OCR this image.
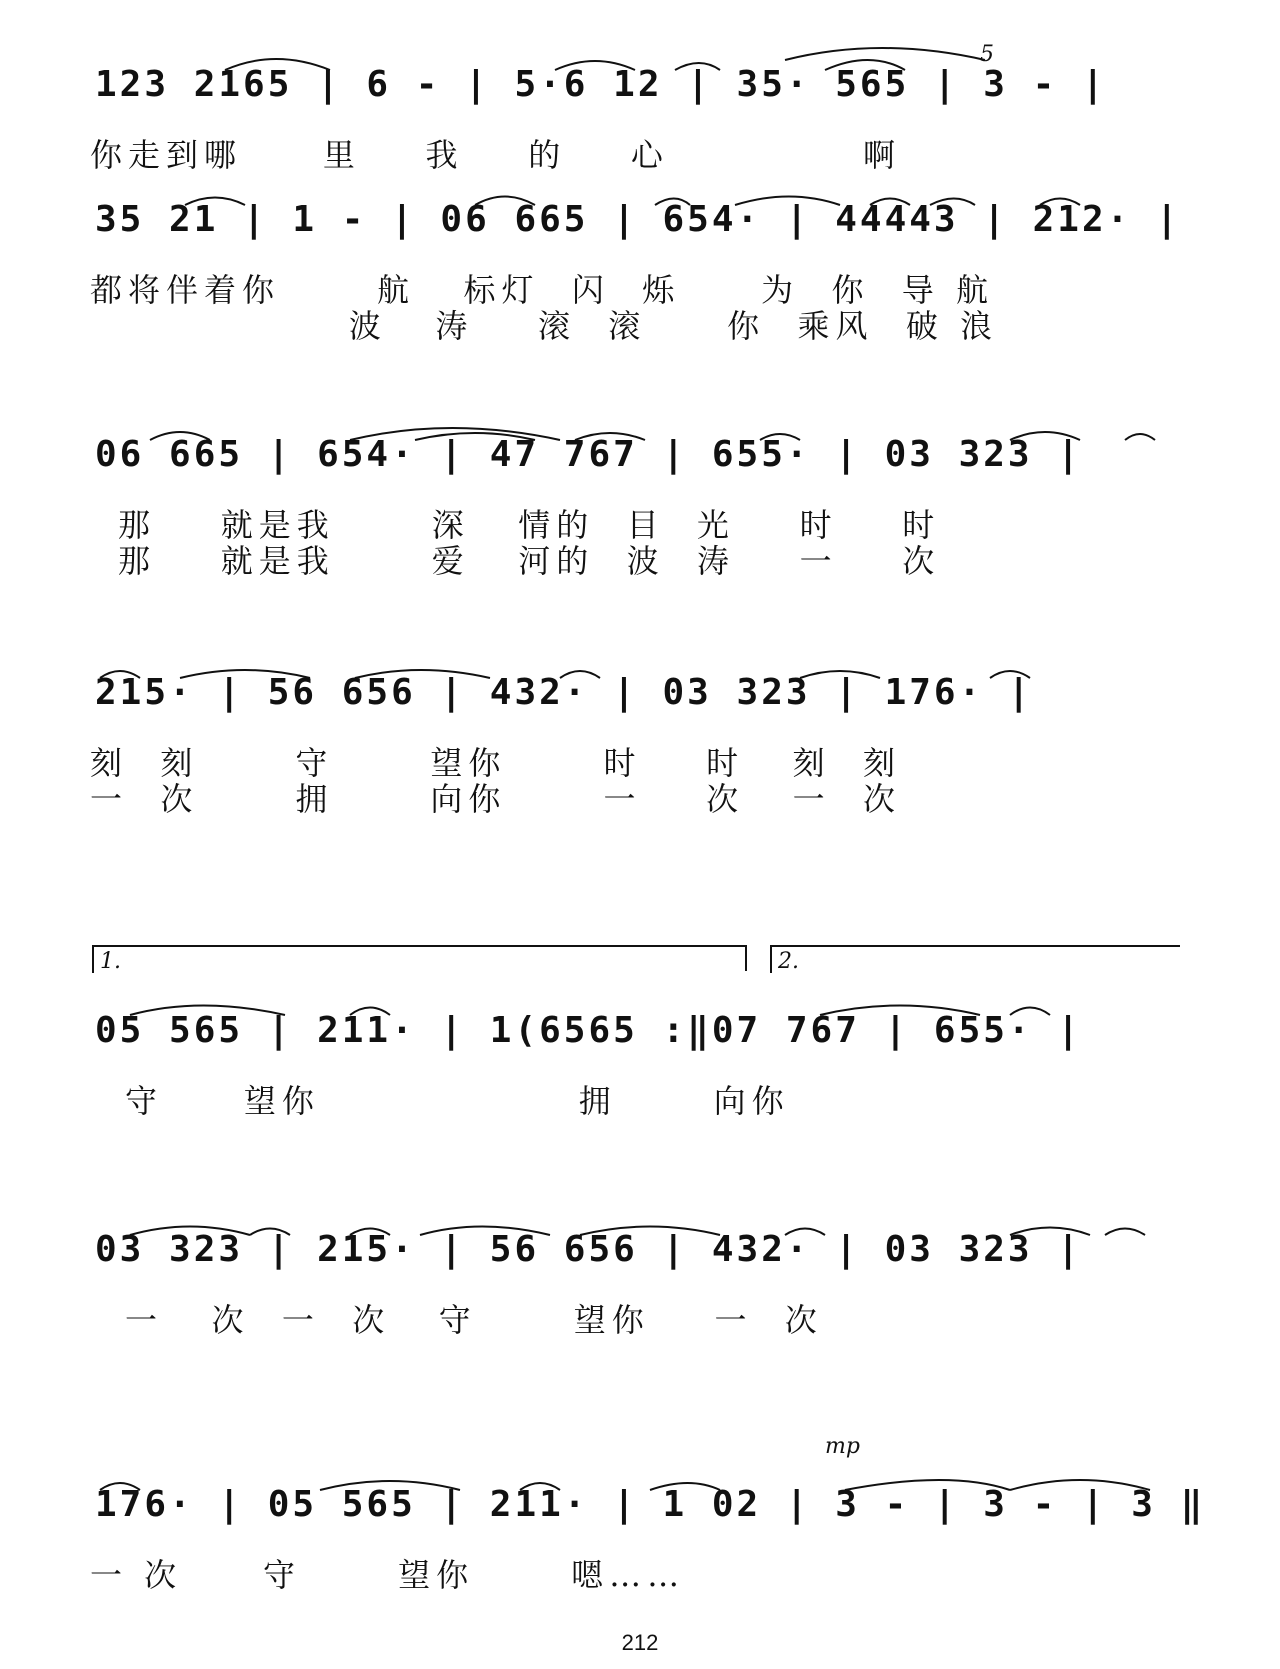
5
123 2165 | 6 - | 5·6 12 | 35· 565 | 3 - |
你走到哪     里    我    的    心            啊
35 21 | 1 - | 06 665 | 654· | 44443 | 212· |
都将伴着你      航   标灯  闪  烁     为  你  导 航
波   涛    滚  滚     你  乘风  破 浪
06 665 | 654· | 47 767 | 655· | 03 323 |
那    就是我      深   情的  目  光    时    时
那    就是我      爱   河的  波  涛    一    次
215· | 56 656 | 432· | 03 323 | 176· |
刻  刻      守      望你      时    时   刻  刻
一  次      拥      向你      一    次   一  次
1.	2.
05 565 | 211· | 1(6565 :‖07 767 | 655· |
守     望你                拥      向你
03 323 | 215· | 56 656 | 432· | 03 323 |
一   次  一  次   守      望你    一  次
mp
176· | 05 565 | 211· | 1 02 | 3 - | 3 - | 3 ‖
一 次     守      望你      嗯……
212
